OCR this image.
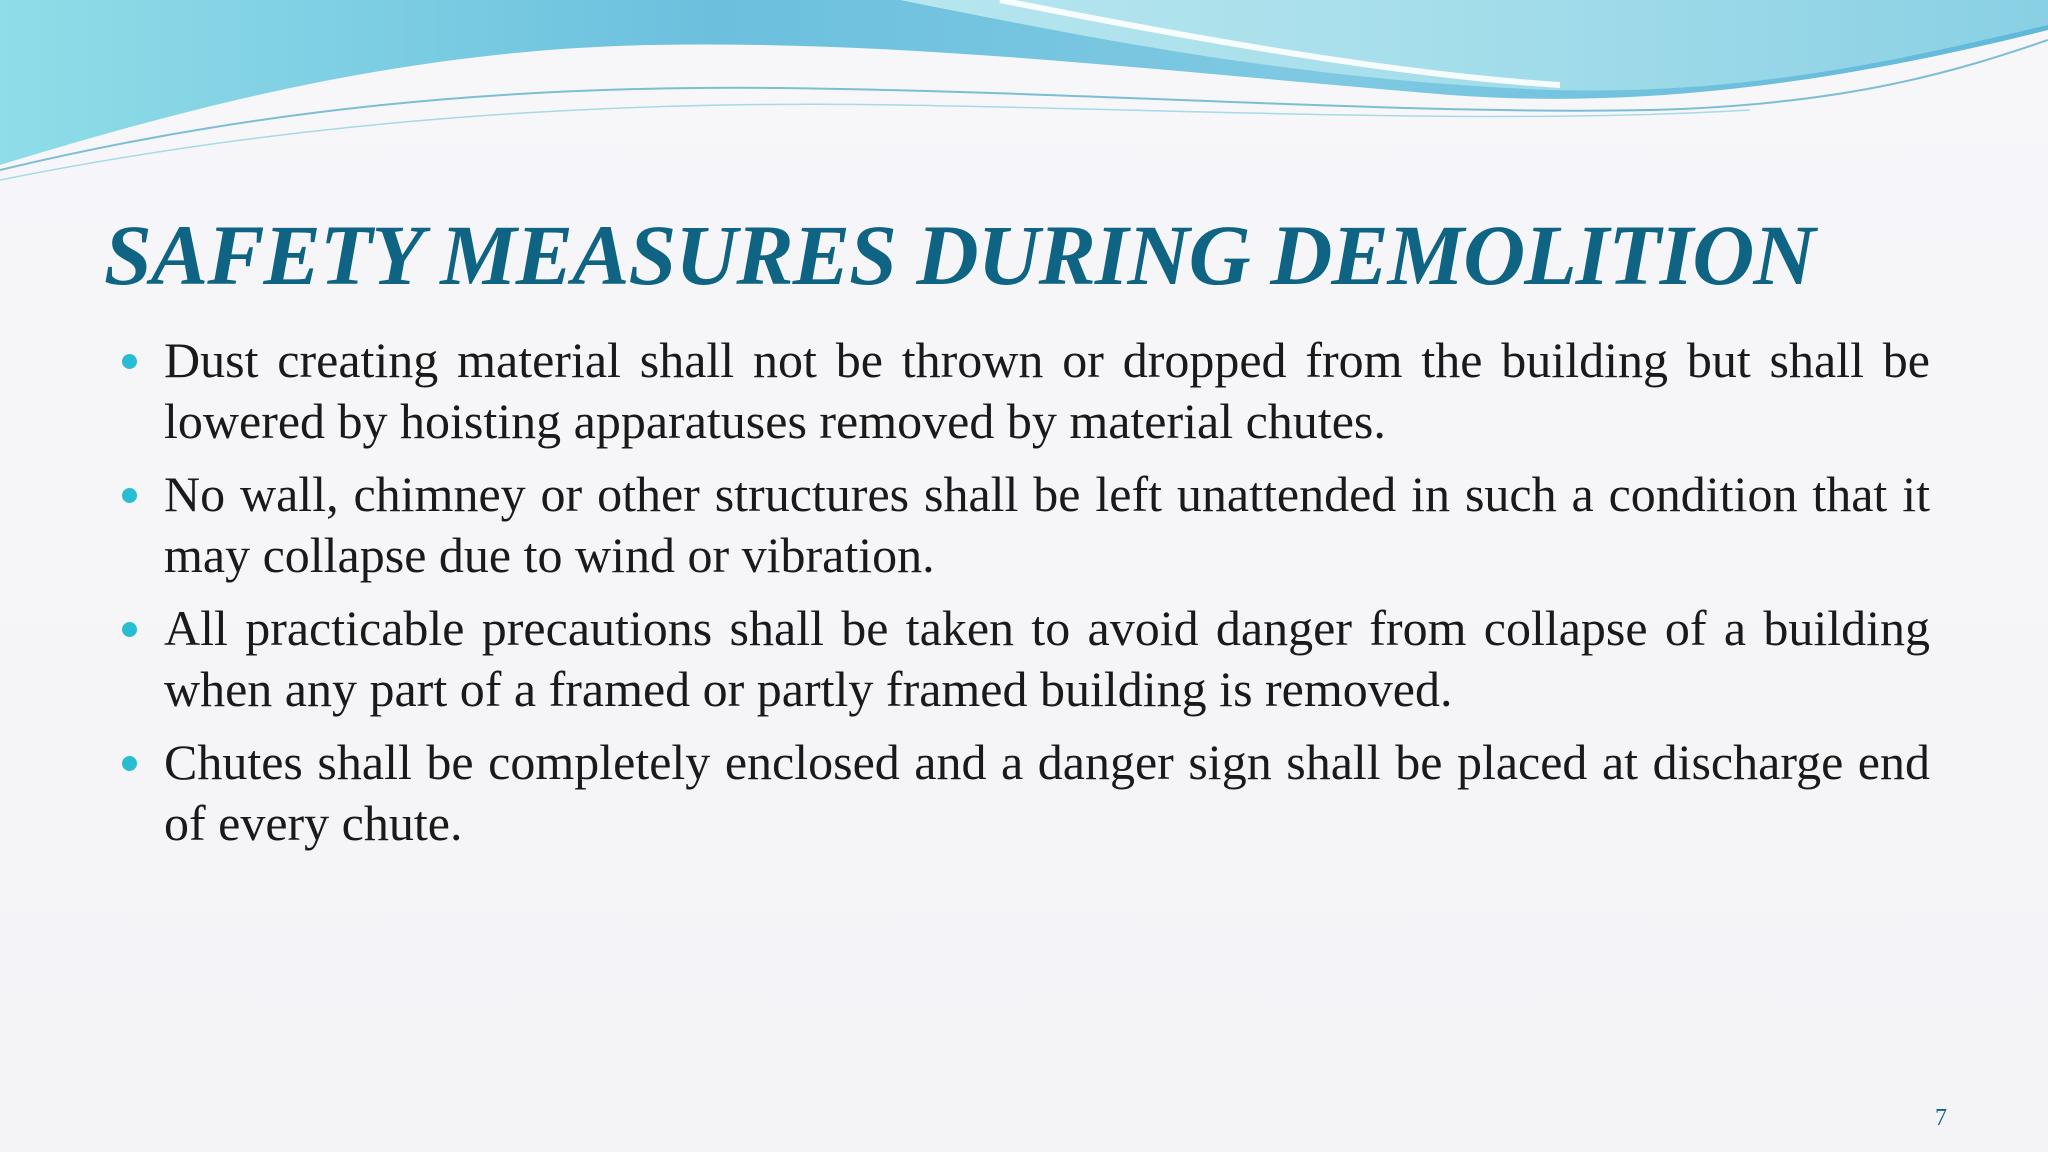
SAFETY MEASURES DURING DEMOLITION
Dust creating material shall not be thrown or dropped from the building but shall be lowered by hoisting apparatuses removed by material chutes.
No wall, chimney or other structures shall be left unattended in such a condition that it may collapse due to wind or vibration.
All practicable precautions shall be taken to avoid danger from collapse of a building when any part of a framed or partly framed building is removed.
Chutes shall be completely enclosed and a danger sign shall be placed at discharge end of every chute.
7
